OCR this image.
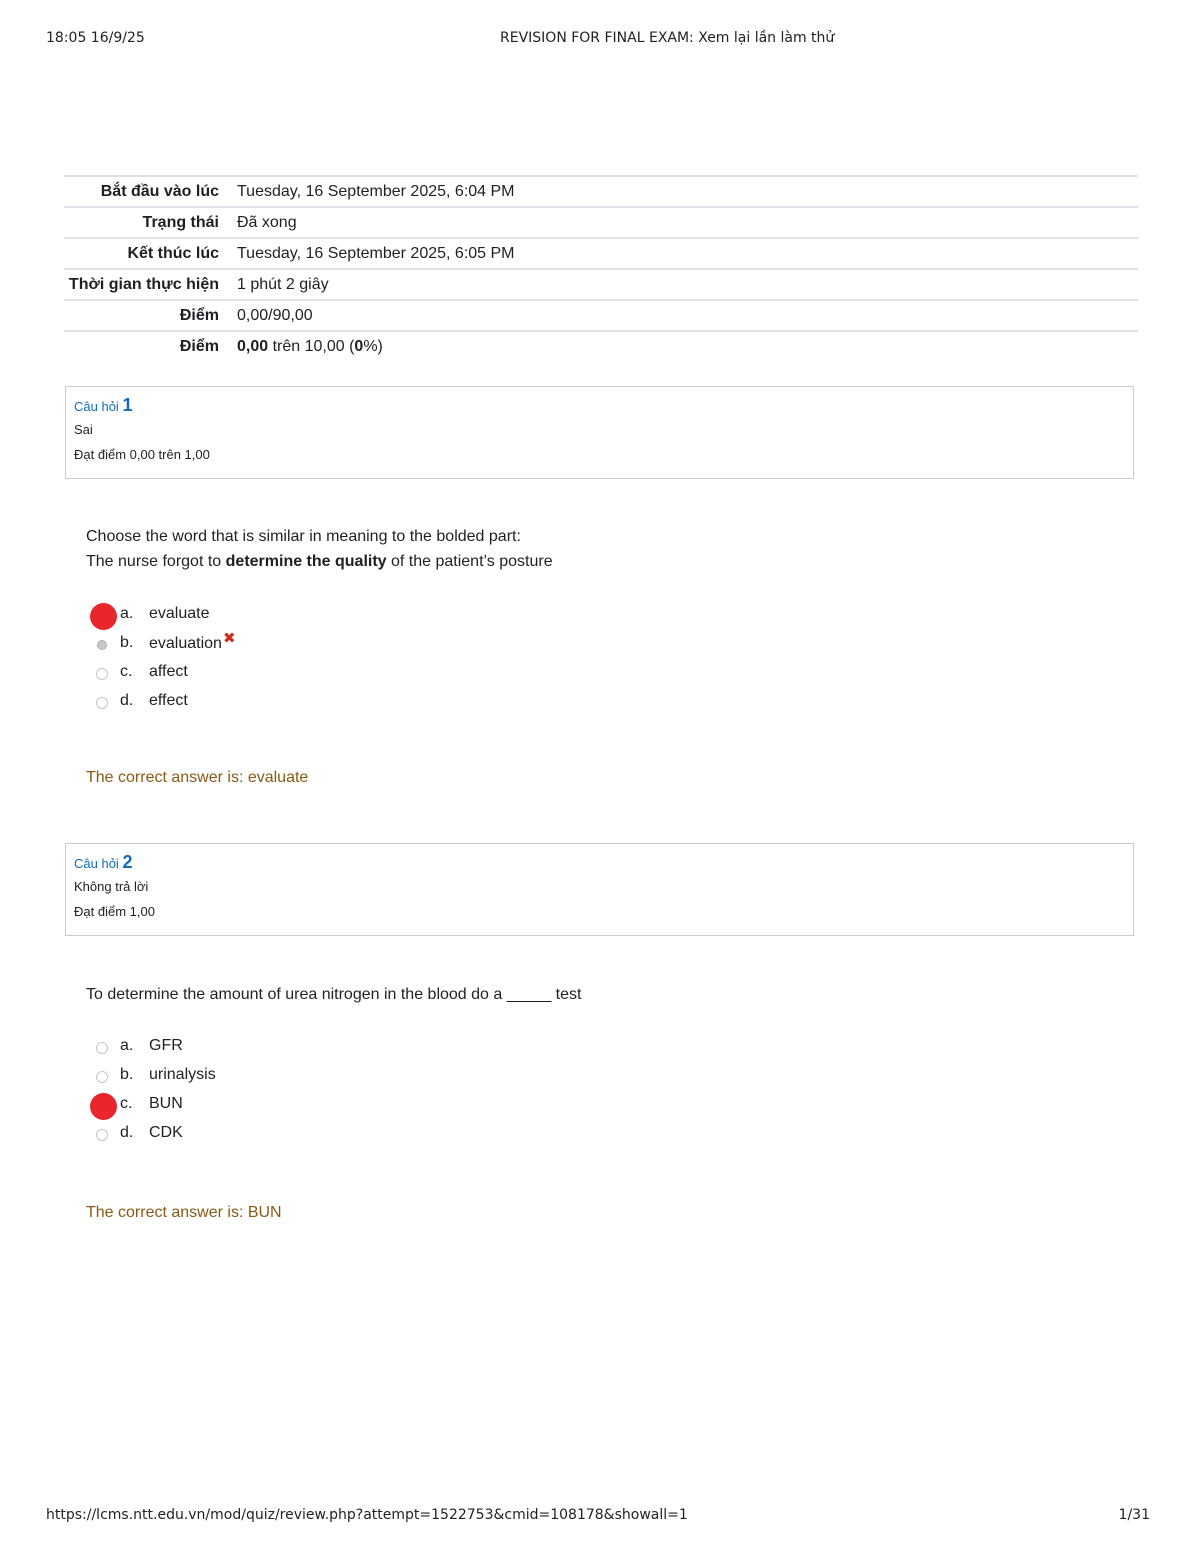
18:05 16/9/25	REVISION FOR FINAL EXAM: Xem lại lần làm thử
Bắt đầu vào lúc	Tuesday, 16 September 2025, 6:04 PM
Trạng thái	Đã xong
Kết thúc lúc	Tuesday, 16 September 2025, 6:05 PM
Thời gian thực hiện	1 phút 2 giây
Điểm	0,00/90,00
Điểm	0,00 trên 10,00 (0%)
Câu hỏi 1
Sai
Đạt điểm 0,00 trên 1,00
Choose the word that is similar in meaning to the bolded part:
The nurse forgot to determine the quality of the patient’s posture
a. evaluate
b. evaluation✖
c. affect
d. effect
The correct answer is: evaluate
Câu hỏi 2
Không trả lời
Đạt điểm 1,00
To determine the amount of urea nitrogen in the blood do a _____ test
a. GFR
b. urinalysis
c. BUN
d. CDK
The correct answer is: BUN
https://lcms.ntt.edu.vn/mod/quiz/review.php?attempt=1522753&cmid=108178&showall=1	1/31
